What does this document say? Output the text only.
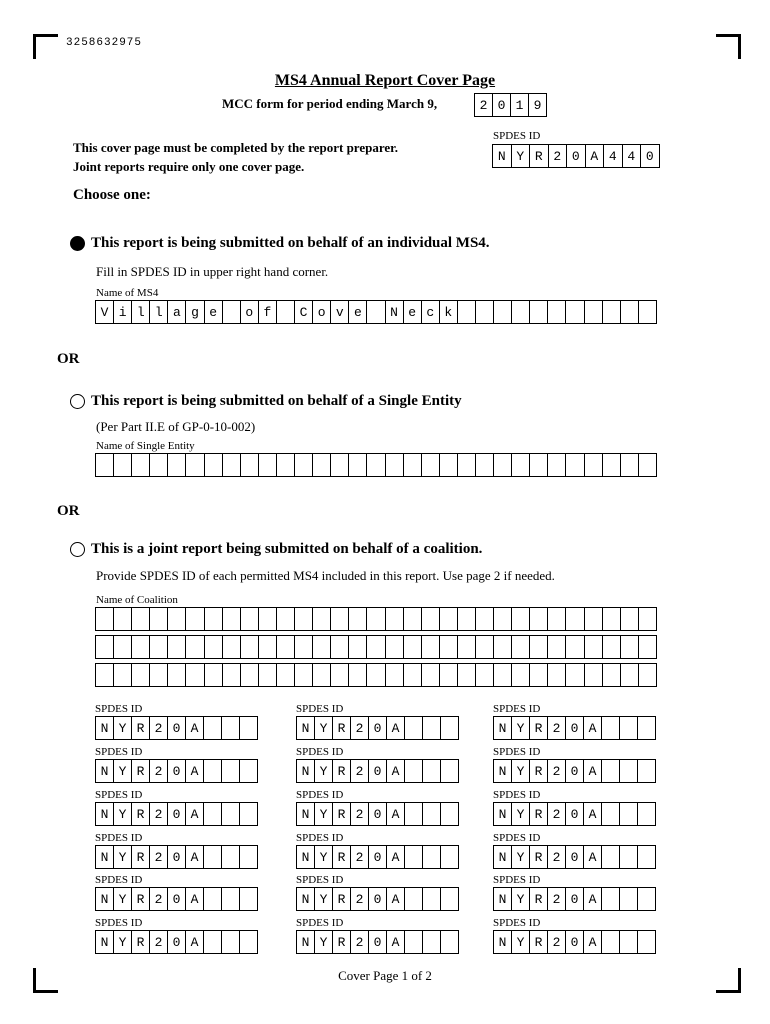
3258632975
MS4 Annual Report Cover Page
MCC form for period ending March 9,	2 0 1 9
This cover page must be completed by the report preparer.
Joint reports require only one cover page.
SPDES ID
N Y R 2 0 A 4 4 0
Choose one:
This report is being submitted on behalf of an individual MS4.
Fill in SPDES ID in upper right hand corner.
Name of MS4
V i l l a g e	o f	C o v e	N e c k
OR
This report is being submitted on behalf of a Single Entity
(Per Part II.E of GP-0-10-002)
Name of Single Entity
OR
This is a joint report being submitted on behalf of a coalition.
Provide SPDES ID of each permitted MS4 included in this report. Use page 2 if needed.
Name of Coalition
SPDES ID
N Y R 2 0 A
SPDES ID
N Y R 2 0 A
SPDES ID
N Y R 2 0 A
SPDES ID
N Y R 2 0 A
SPDES ID
N Y R 2 0 A
SPDES ID
N Y R 2 0 A
SPDES ID
N Y R 2 0 A
SPDES ID
N Y R 2 0 A
SPDES ID
N Y R 2 0 A
SPDES ID
N Y R 2 0 A
SPDES ID
N Y R 2 0 A
SPDES ID
N Y R 2 0 A
SPDES ID
N Y R 2 0 A
SPDES ID
N Y R 2 0 A
SPDES ID
N Y R 2 0 A
SPDES ID
N Y R 2 0 A
SPDES ID
N Y R 2 0 A
SPDES ID
N Y R 2 0 A
Cover Page 1 of 2
